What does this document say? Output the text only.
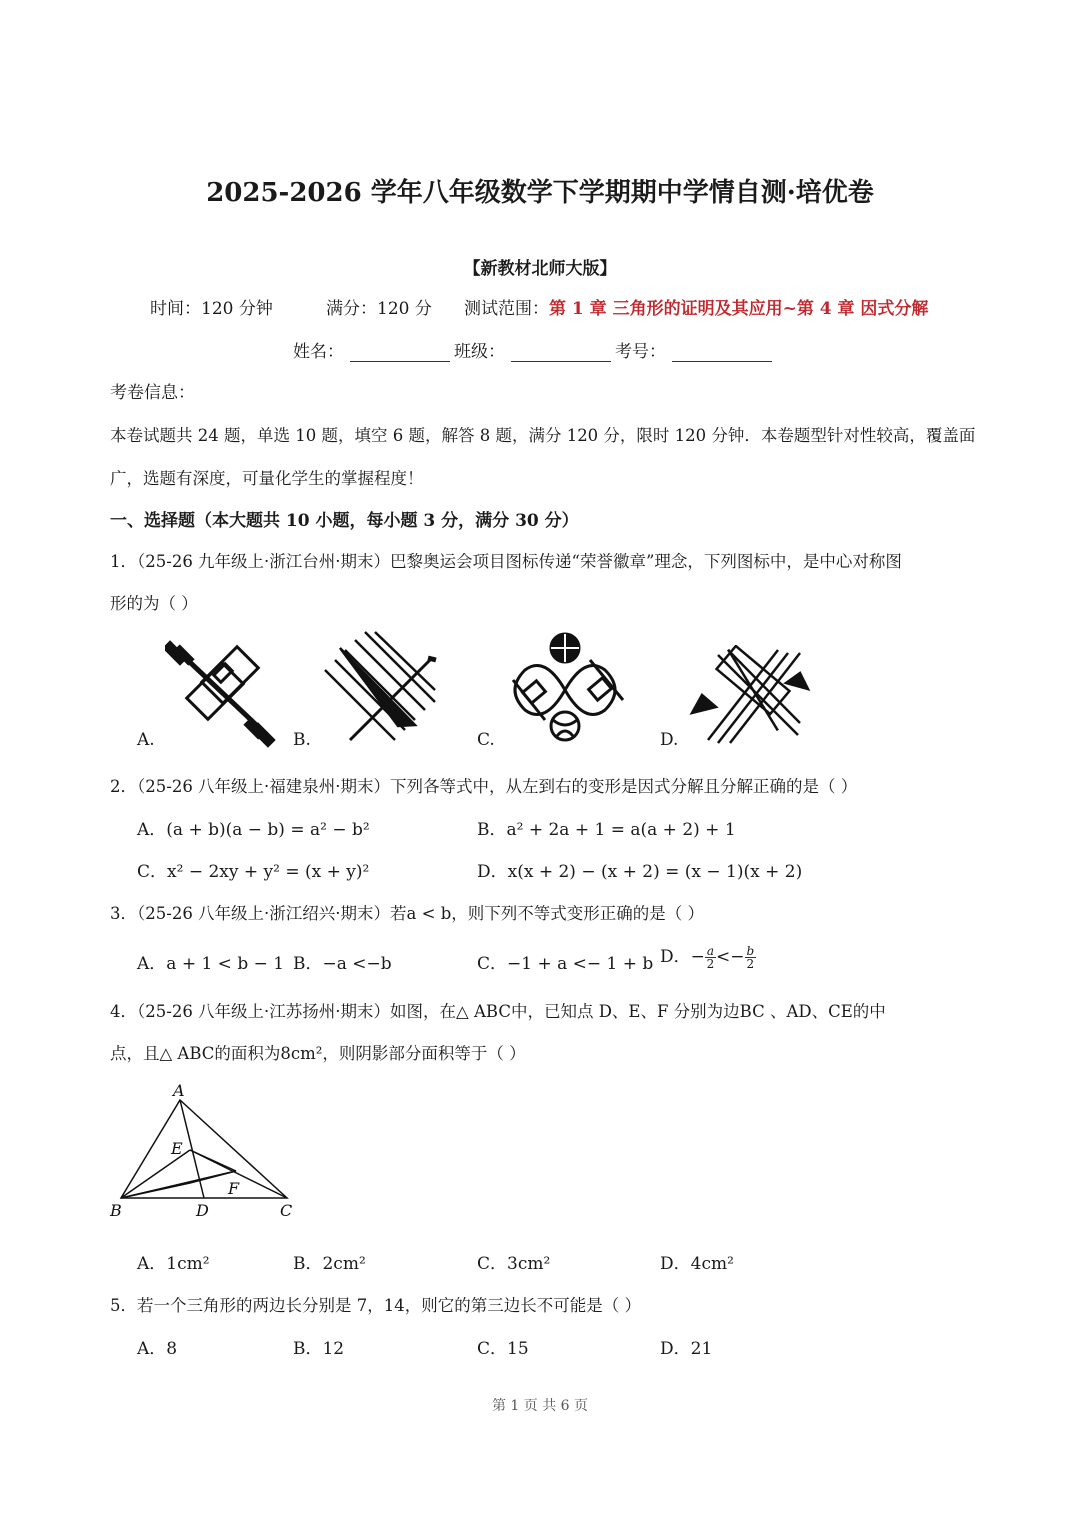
2025-2026 学年八年级数学下学期期中学情自测·培优卷
【新教材北师大版】
时间：120 分钟	满分：120 分 测试范围：第 1 章 三角形的证明及其应用~第 4 章 因式分解
姓名：	班级：	考号：
考卷信息：
本卷试题共 24 题，单选 10 题，填空 6 题，解答 8 题，满分 120 分，限时 120 分钟．本卷题型针对性较高，覆盖面
广，选题有深度，可量化学生的掌握程度！
一、选择题（本大题共 10 小题，每小题 3 分，满分 30 分）
1．（25-26 九年级上·浙江台州·期末）巴黎奥运会项目图标传递“荣誉徽章”理念，下列图标中，是中心对称图
形的为（ ）
A.	B.	C.	D.
2．（25-26 八年级上·福建泉州·期末）下列各等式中，从左到右的变形是因式分解且分解正确的是（ ）
A．(a + b)(a − b) = a² − b²	B．a² + 2a + 1 = a(a + 2) + 1
C．x² − 2xy + y² = (x + y)²	D．x(x + 2) − (x + 2) = (x − 1)(x + 2)
3．（25-26 八年级上·浙江绍兴·期末）若a < b，则下列不等式变形正确的是（ ）
A．a + 1 < b − 1 B．−a <−b	C．−1 + a <− 1 + b D．− $\frac{a}{2} <- \frac{b}{2}$
4．（25-26 八年级上·江苏扬州·期末）如图，在△ ABC中，已知点 D、E、F 分别为边BC 、AD、CE的中
点，且△ ABC的面积为8cm²，则阴影部分面积等于（ ）
A
E
F
B	D	C
A．1cm²	B．2cm²	C．3cm²	D．4cm²
5．若一个三角形的两边长分别是 7，14，则它的第三边长不可能是（ ）
A．8	B．12	C．15	D．21
第 1 页 共 6 页
